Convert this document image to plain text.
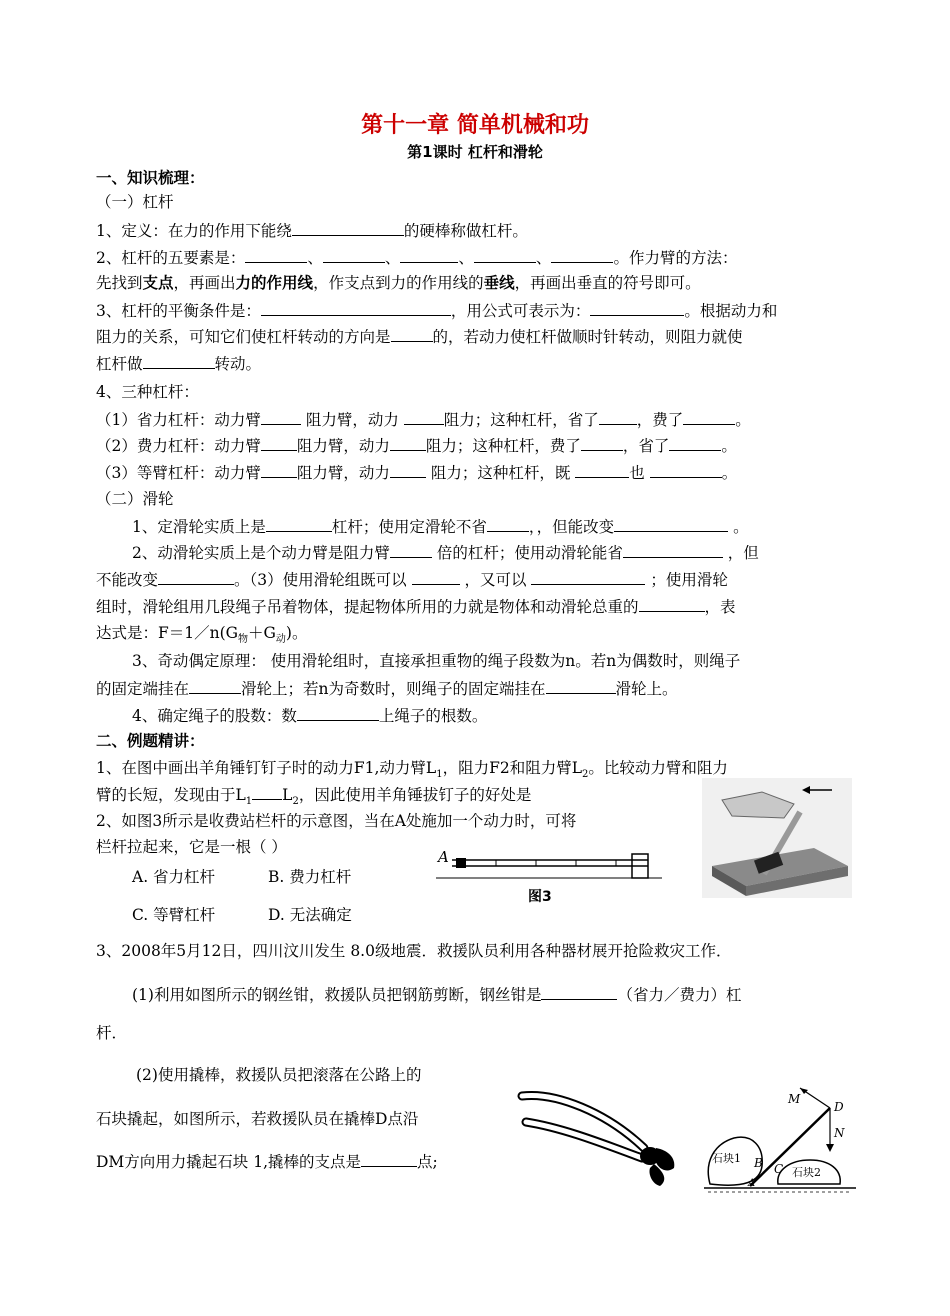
第十一章 简单机械和功
第1课时 杠杆和滑轮
一、知识梳理：
（一）杠杆
1、定义：在力的作用下能绕	的硬棒称做杠杆。
2、杠杆的五要素是：	、	、	、	、	。作力臂的方法：
先找到支点，再画出力的作用线，作支点到力的作用线的垂线，再画出垂直的符号即可。
3、杠杆的平衡条件是：	，用公式可表示为：	。根据动力和
阻力的关系，可知它们使杠杆转动的方向是	的，若动力使杠杆做顺时针转动，则阻力就使
杠杆做	转动。
4、三种杠杆：
（1）省力杠杆：动力臂	阻力臂，动力	阻力；这种杠杆，省了 ，费了	。
（2）费力杠杆：动力臂 阻力臂，动力 阻力；这种杠杆，费了	，省了	。
（3）等臂杠杆：动力臂 阻力臂，动力	阻力；这种杠杆，既	也	。
（二）滑轮
1、定滑轮实质上是	杠杆；使用定滑轮不省	，，但能改变	。
2、动滑轮实质上是个动力臂是阻力臂	倍的杠杆；使用动滑轮能省	，但
不能改变	。（3）使用滑轮组既可以	，又可以	；使用滑轮
组时，滑轮组用几段绳子吊着物体，提起物体所用的力就是物体和动滑轮总重的	，表
达式是：$F=1/n(G_物+G_动)$。
3、奇动偶定原理： 使用滑轮组时，直接承担重物的绳子段数为n。若n为偶数时，则绳子
的固定端挂在	滑轮上；若n为奇数时，则绳子的固定端挂在	滑轮上。
4、确定绳子的股数：数	上绳子的根数。
二、例题精讲：
1、在图中画出羊角锤钉钉子时的动力F1,动力臂$L_1$，阻力F2和阻力臂$L_2$。比较动力臂和阻力
臂的长短，发现由于$L_1$ $L_2$，因此使用羊角锤拔钉子的好处是
2、如图3所示是收费站栏杆的示意图，当在A处施加一个动力时，可将
栏杆拉起来，它是一根（ ）
A. 省力杠杆	B. 费力杠杆
C. 等臂杠杆	D. 无法确定
A
图3
3、2008年5月12日，四川汶川发生 8.0级地震．救援队员利用各种器材展开抢险救灾工作．
(1)利用如图所示的钢丝钳，救援队员把钢筋剪断，钢丝钳是	（省力／费力）杠
杆．
(2)使用撬棒，救援队员把滚落在公路上的
石块撬起，如图所示，若救援队员在撬棒D点沿
DM方向用力撬起石块 1,撬棒的支点是	点;
M
D
N
B C
A
石块1
石块2
